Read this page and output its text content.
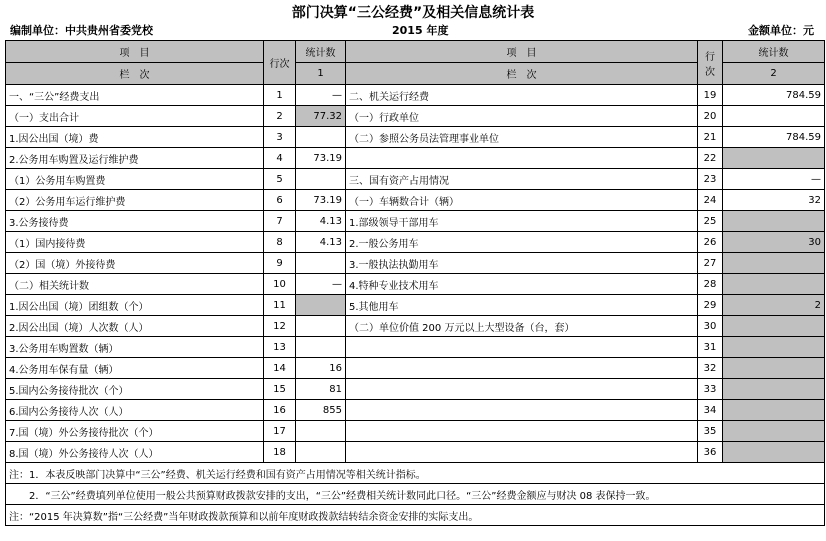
部门决算“三公经费”及相关信息统计表
编制单位：中共贵州省委党校	2015 年度	金额单位：元
项　目	行次	统计数	项　目	行次	统计数
栏　次		1	栏　次		2
一、“三公”经费支出	1	—	二、机关运行经费	19	784.59
（一）支出合计	2	77.32	（一）行政单位	20	
1.因公出国（境）费	3		（二）参照公务员法管理事业单位	21	784.59
2.公务用车购置及运行维护费	4	73.19		22	
（1）公务用车购置费	5		三、国有资产占用情况	23	—
（2）公务用车运行维护费	6	73.19	（一）车辆数合计（辆）	24	32
3.公务接待费	7	4.13	1.部级领导干部用车	25	
（1）国内接待费	8	4.13	2.一般公务用车	26	30
（2）国（境）外接待费	9		3.一般执法执勤用车	27	
（二）相关统计数	10	—	4.特种专业技术用车	28	
1.因公出国（境）团组数（个）	11		5.其他用车	29	2
2.因公出国（境）人次数（人）	12		（二）单位价值 200 万元以上大型设备（台，套）	30	
3.公务用车购置数（辆）	13			31	
4.公务用车保有量（辆）	14	16		32	
5.国内公务接待批次（个）	15	81		33	
6.国内公务接待人次（人）	16	855		34	
7.国（境）外公务接待批次（个）	17			35	
8.国（境）外公务接待人次（人）	18			36	
注：1．本表反映部门决算中“三公”经费、机关运行经费和国有资产占用情况等相关统计指标。					
　　2．“三公”经费填列单位使用一般公共预算财政拨款安排的支出，“三公”经费相关统计数同此口径。“三公”经费金额应与财决 08 表保持一致。					
注：“2015 年决算数”指“三公经费”当年财政拨款预算和以前年度财政拨款结转结余资金安排的实际支出。					
